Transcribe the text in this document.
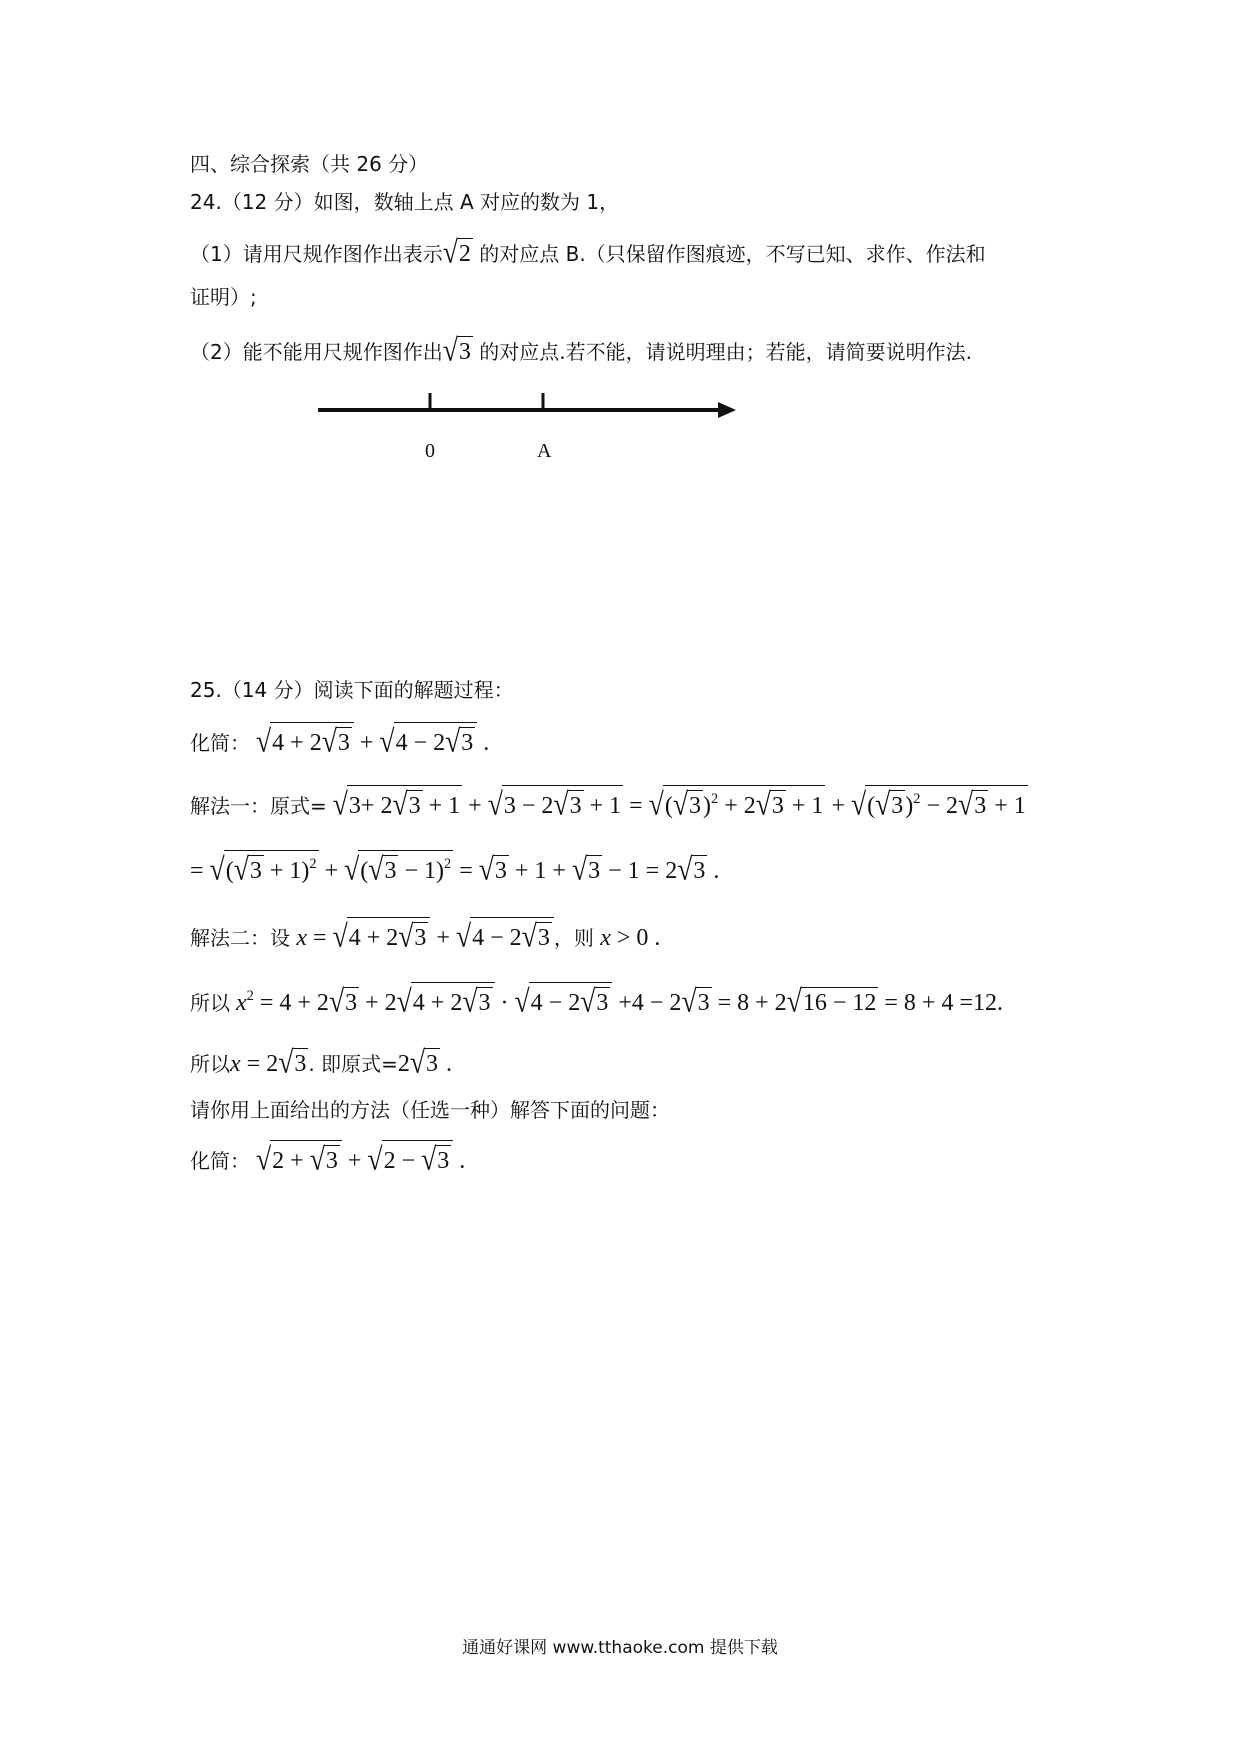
四、综合探索（共 26 分）
24.（12 分）如图，数轴上点 A 对应的数为 1，
（1）请用尺规作图作出表示√2 的对应点 B.（只保留作图痕迹，不写已知、求作、作法和
证明）;
（2）能不能用尺规作图作出√3 的对应点.若不能，请说明理由；若能，请简要说明作法.
0	A
25.（14 分）阅读下面的解题过程：
化简： √4 + 2√3 + √4 − 2√3 .
解法一：原式= $√3+ 2√3 + 1 + √3 - 2√3 + 1 = √(√3)^2 + 2√3 + 1 + √(√3)^2 - 2√3 + 1$
= $√(√3 + 1)^2 + √(√3 - 1)^2 = √3 + 1 + √3 - 1 = 2√3$ .
解法二：设 x = √4 + 2√3 + √4 − 2√3 ，则 x > 0 .
所以 $x^2 = 4 + 2√3 + 2√4 + 2√3 \cdot √4 - 2√3 +4 - 2√3 = 8 + 2√16 - 12 = 8 + 4 =12$.
所以x = 2√3 . 即原式=2√3 .
请你用上面给出的方法（任选一种）解答下面的问题：
化简： √2 + √3 + √2 − √3 .
通通好课网 www.tthaoke.com 提供下载
